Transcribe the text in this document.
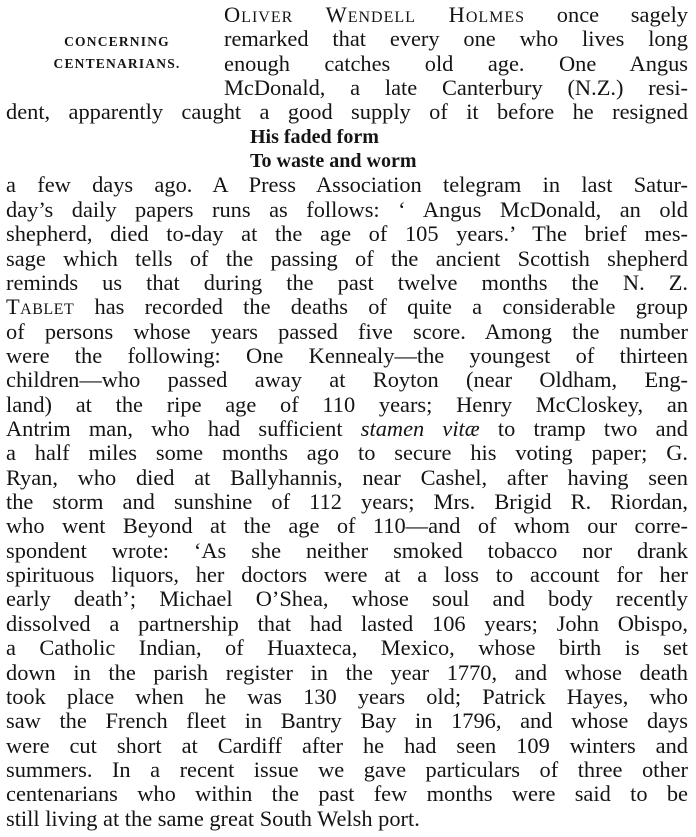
CONCERNING
CENTENARIANS.
Oliver Wendell Holmes once sagely
remarked that every one who lives long
enough catches old age. One Angus
McDonald, a late Canterbury (N.Z.) resi-
dent, apparently caught a good supply of it before he resigned
His faded form
To waste and worm
a few days ago. A Press Association telegram in last Satur-
day’s daily papers runs as follows: ‘ Angus McDonald, an old
shepherd, died to-day at the age of 105 years.’ The brief mes-
sage which tells of the passing of the ancient Scottish shepherd
reminds us that during the past twelve months the N. Z.
Tablet has recorded the deaths of quite a considerable group
of persons whose years passed five score. Among the number
were the following: One Kennealy—the youngest of thirteen
children—who passed away at Royton (near Oldham, Eng-
land) at the ripe age of 110 years; Henry McCloskey, an
Antrim man, who had sufficient stamen vitæ to tramp two and
a half miles some months ago to secure his voting paper; G.
Ryan, who died at Ballyhannis, near Cashel, after having seen
the storm and sunshine of 112 years; Mrs. Brigid R. Riordan,
who went Beyond at the age of 110—and of whom our corre-
spondent wrote: ‘As she neither smoked tobacco nor drank
spirituous liquors, her doctors were at a loss to account for her
early death’; Michael O’Shea, whose soul and body recently
dissolved a partnership that had lasted 106 years; John Obispo,
a Catholic Indian, of Huaxteca, Mexico, whose birth is set
down in the parish register in the year 1770, and whose death
took place when he was 130 years old; Patrick Hayes, who
saw the French fleet in Bantry Bay in 1796, and whose days
were cut short at Cardiff after he had seen 109 winters and
summers. In a recent issue we gave particulars of three other
centenarians who within the past few months were said to be
still living at the same great South Welsh port.
